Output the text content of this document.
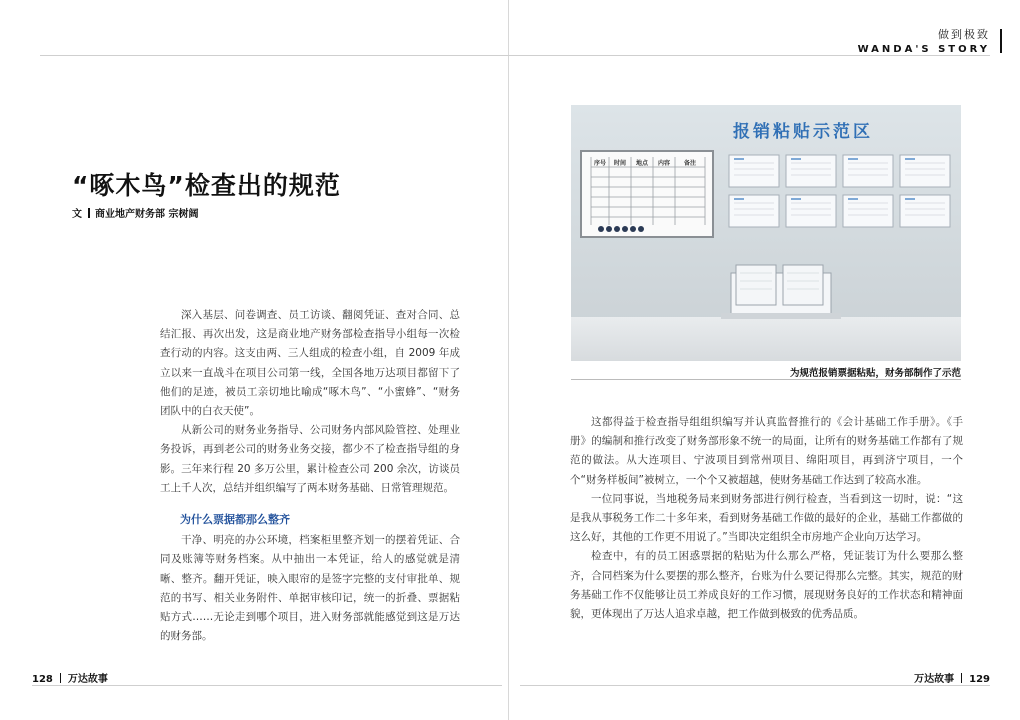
做到极致
WANDA'S STORY
“啄木鸟”检查出的规范
文 商业地产财务部 宗树阔

深入基层、问卷调查、员工访谈、翻阅凭证、查对合同、总结汇报、再次出发，这是商业地产财务部检查指导小组每一次检查行动的内容。这支由两、三人组成的检查小组，自 2009 年成立以来一直战斗在项目公司第一线，全国各地万达项目都留下了他们的足迹，被员工亲切地比喻成“啄木鸟”、“小蜜蜂”、“财务团队中的白衣天使”。

从新公司的财务业务指导、公司财务内部风险管控、处理业务投诉，再到老公司的财务业务交接，都少不了检查指导组的身影。三年来行程 20 多万公里，累计检查公司 200 余次，访谈员工上千人次，总结并组织编写了两本财务基础、日常管理规范。

为什么票据都那么整齐

干净、明亮的办公环境，档案柜里整齐划一的摆着凭证、合同及账簿等财务档案。从中抽出一本凭证，给人的感觉就是清晰、整齐。翻开凭证，映入眼帘的是签字完整的支付审批单、规范的书写、相关业务附件、单据审核印记，统一的折叠、票据粘贴方式……无论走到哪个项目，进入财务部就能感觉到这是万达的财务部。

报销粘贴示范区
序号 时间 地点 内容 备注
为规范报销票据粘贴，财务部制作了示范

这都得益于检查指导组组织编写并认真监督推行的《会计基础工作手册》。《手册》的编制和推行改变了财务部形象不统一的局面，让所有的财务基础工作都有了规范的做法。从大连项目、宁波项目到常州项目、绵阳项目，再到济宁项目，一个个“财务样板间”被树立，一个个又被超越，使财务基础工作达到了较高水准。

一位同事说，当地税务局来到财务部进行例行检查，当看到这一切时，说：“这是我从事税务工作二十多年来，看到财务基础工作做的最好的企业，基础工作都做的这么好，其他的工作更不用说了。”当即决定组织全市房地产企业向万达学习。

检查中，有的员工困惑票据的粘贴为什么那么严格，凭证装订为什么要那么整齐，合同档案为什么要摆的那么整齐，台账为什么要记得那么完整。其实，规范的财务基础工作不仅能够让员工养成良好的工作习惯，展现财务良好的工作状态和精神面貌，更体现出了万达人追求卓越，把工作做到极致的优秀品质。

128 万达故事	万达故事 129
